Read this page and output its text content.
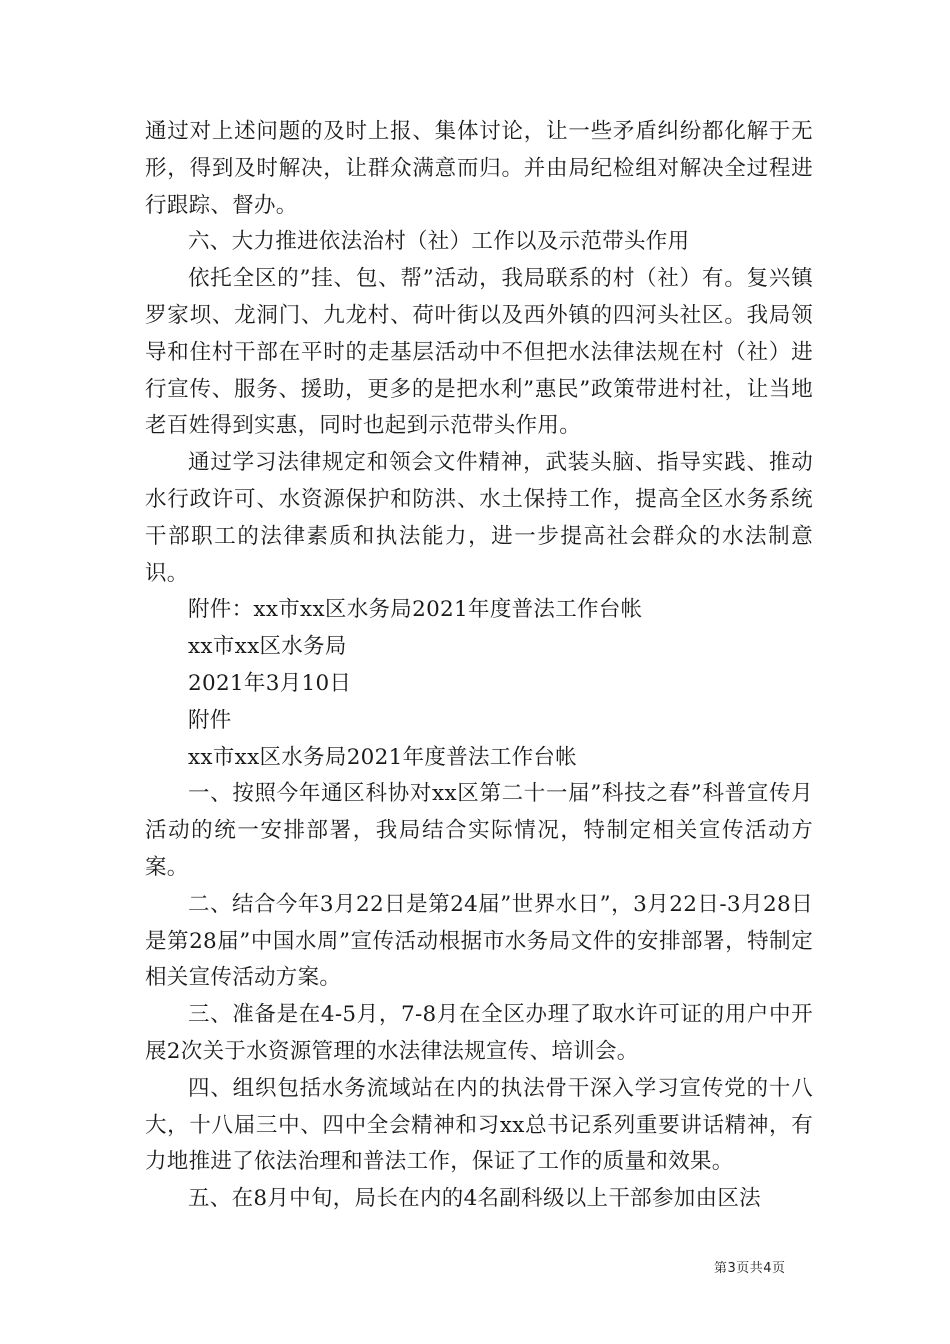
通过对上述问题的及时上报、集体讨论，让一些矛盾纠纷都化解于无形，得到及时解决，让群众满意而归。并由局纪检组对解决全过程进行跟踪、督办。

六、大力推进依法治村（社）工作以及示范带头作用

依托全区的”挂、包、帮”活动，我局联系的村（社）有。复兴镇罗家坝、龙洞门、九龙村、荷叶街以及西外镇的四河头社区。我局领导和住村干部在平时的走基层活动中不但把水法律法规在村（社）进行宣传、服务、援助，更多的是把水利”惠民”政策带进村社，让当地老百姓得到实惠，同时也起到示范带头作用。

通过学习法律规定和领会文件精神，武装头脑、指导实践、推动水行政许可、水资源保护和防洪、水土保持工作，提高全区水务系统干部职工的法律素质和执法能力，进一步提高社会群众的水法制意识。

附件：xx市xx区水务局2021年度普法工作台帐

xx市xx区水务局

2021年3月10日

附件

xx市xx区水务局2021年度普法工作台帐

一、按照今年通区科协对xx区第二十一届”科技之春”科普宣传月活动的统一安排部署，我局结合实际情况，特制定相关宣传活动方案。

二、结合今年3月22日是第24届”世界水日”，3月22日-3月28日是第28届”中国水周”宣传活动根据市水务局文件的安排部署，特制定相关宣传活动方案。

三、准备是在4-5月，7-8月在全区办理了取水许可证的用户中开展2次关于水资源管理的水法律法规宣传、培训会。

四、组织包括水务流域站在内的执法骨干深入学习宣传党的十八大，十八届三中、四中全会精神和习xx总书记系列重要讲话精神，有力地推进了依法治理和普法工作，保证了工作的质量和效果。

五、在8月中旬，局长在内的4名副科级以上干部参加由区法

第3页共4页
